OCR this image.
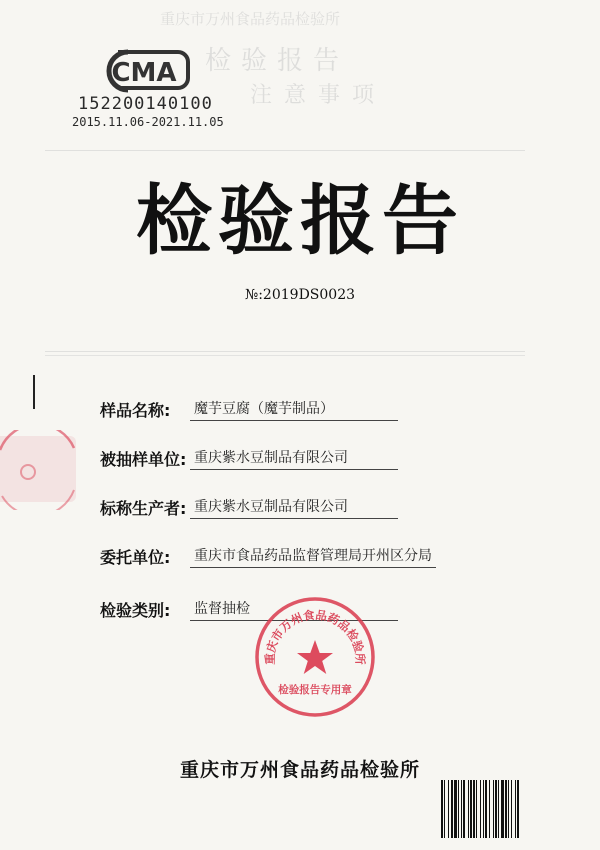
重庆市万州食品药品检验所
检验报告
注意事项
CMA
152200140100
2015.11.06-2021.11.05
检验报告
№:2019DS0023
样品名称:	魔芋豆腐（魔芋制品）
被抽样单位: 重庆紫水豆制品有限公司
标称生产者: 重庆紫水豆制品有限公司
委托单位:	重庆市食品药品监督管理局开州区分局
检验类别:	监督抽检
重庆市万州食品药品检验所
检验报告专用章
重庆市万州食品药品检验所
